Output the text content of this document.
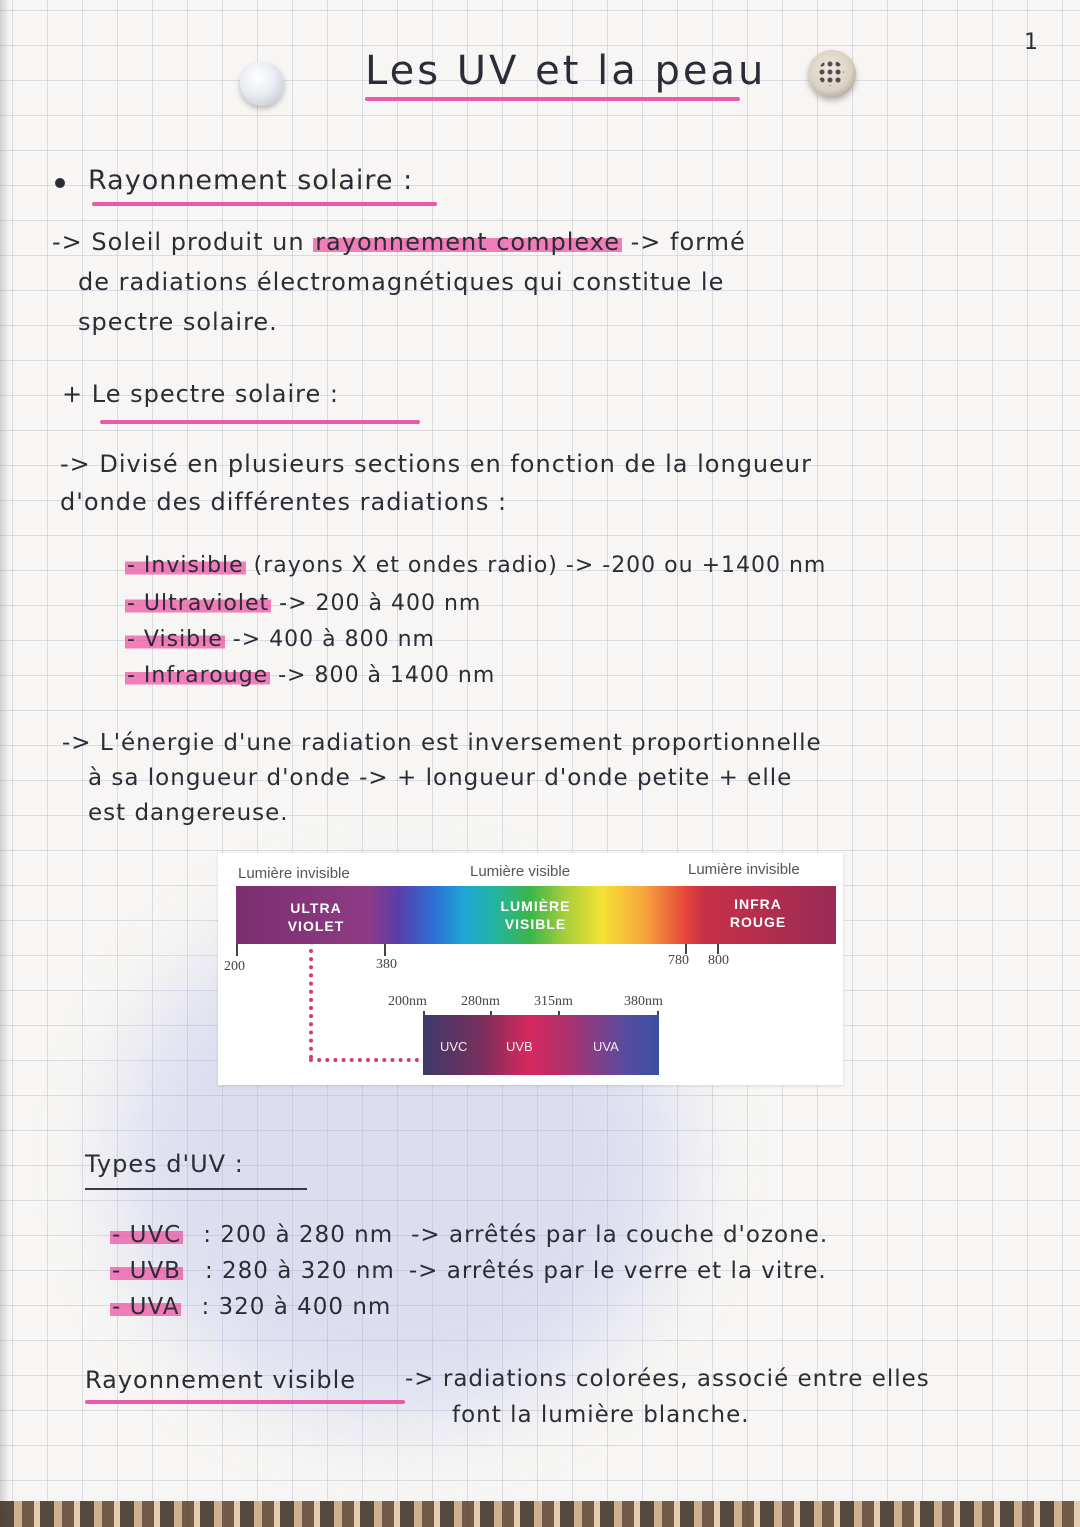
1
Les UV et la peau
Rayonnement solaire :
-> Soleil produit un rayonnement complexe -> formé
de radiations électromagnétiques qui constitue le
spectre solaire.
+ Le spectre solaire :
-> Divisé en plusieurs sections en fonction de la longueur
d'onde des différentes radiations :
- Invisible (rayons X et ondes radio) -> -200 ou +1400 nm
- Ultraviolet -> 200 à 400 nm
- Visible -> 400 à 800 nm
- Infrarouge -> 800 à 1400 nm
-> L'énergie d'une radiation est inversement proportionnelle
à sa longueur d'onde -> + longueur d'onde petite + elle
est dangereuse.
Lumière invisible	Lumière visible	Lumière invisible
ULTRA
VIOLET
LUMIÈRE
VISIBLE
INFRA
ROUGE
200	380	780 800
200nm 280nm 315nm	380nm
UVC	UVB	UVA
Types d'UV :
- UVC : 200 à 280 nm -> arrêtés par la couche d'ozone.
- UVB : 280 à 320 nm -> arrêtés par le verre et la vitre.
- UVA : 320 à 400 nm
Rayonnement visible -> radiations colorées, associé entre elles
font la lumière blanche.
